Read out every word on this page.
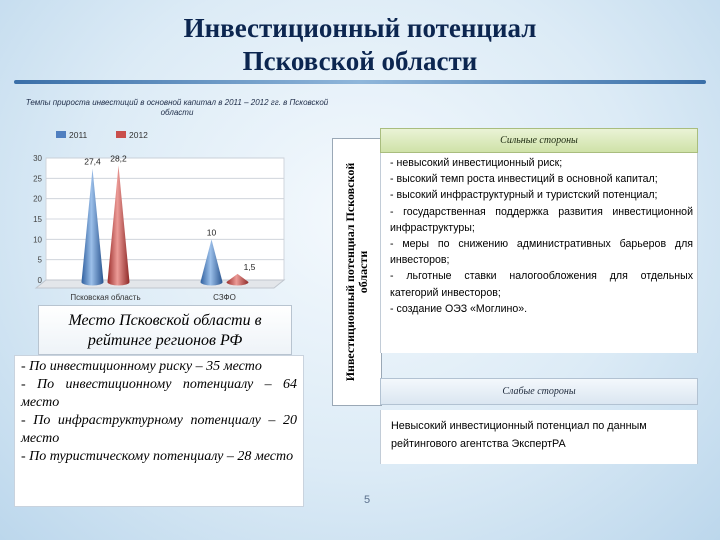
Инвестиционный потенциал
Псковской области
Темпы прироста инвестиций в основной капитал в 2011 – 2012 гг. в Псковской области
0
5
10
15
20
25
30	27,4 28,2
Псковская область
10
1,5
СЗФО
2011	2012
Место Псковской области в рейтинге регионов РФ
- По инвестиционному риску – 35 место
- По инвестиционному потенциалу – 64 место
- По инфраструктурному потенциалу – 20 место
- По туристическому потенциалу – 28 место
Инвестиционный потенциал Псковской области
Сильные стороны
- невысокий инвестиционный риск;
- высокий темп роста инвестиций в основной капитал;
- высокий инфраструктурный и туристский потенциал;
- государственная поддержка развития инвестиционной инфраструктуры;
- меры по снижению административных барьеров для инвесторов;
- льготные ставки налогообложения для отдельных категорий инвесторов;
- создание ОЭЗ «Моглино».
Слабые стороны
Невысокий инвестиционный потенциал по данным рейтингового агентства ЭкспертРА
5
